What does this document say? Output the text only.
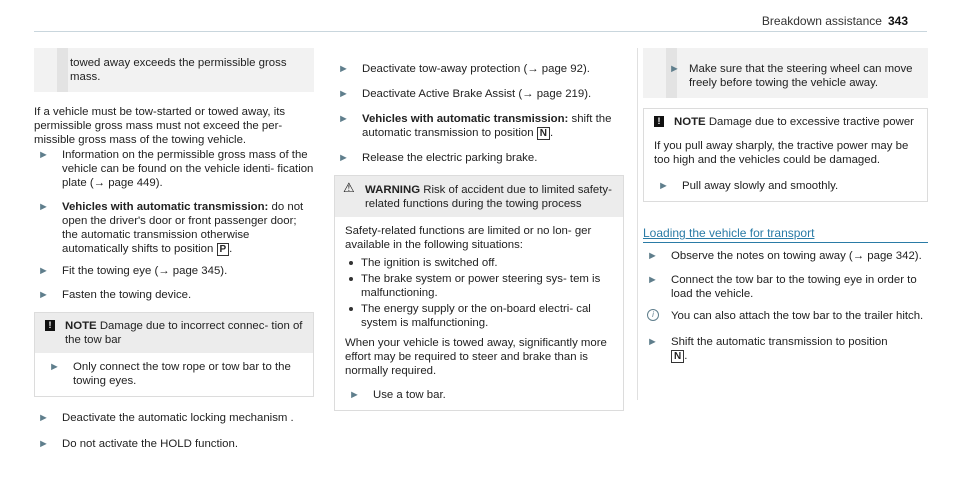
Breakdown assistance 343

towed away exceeds the permissible gross mass.

If a vehicle must be tow-started or towed away, its permissible gross mass must not exceed the per- missible gross mass of the towing vehicle.

► Information on the permissible gross mass of the vehicle can be found on the vehicle identi- fication plate (→ page 449).
► Vehicles with automatic transmission: do not open the driver's door or front passenger door; the automatic transmission otherwise automatically shifts to position P .
► Fit the towing eye (→ page 345).
► Fasten the towing device.
!	NOTE Damage due to incorrect connec- tion of the tow bar
► Only connect the tow rope or tow bar to the towing eyes.
► Deactivate the automatic locking mechanism .
► Do not activate the HOLD function.
► Deactivate tow-away protection (→ page 92).
► Deactivate Active Brake Assist (→ page 219).
► Vehicles with automatic transmission: shift the automatic transmission to position N .
► Release the electric parking brake.
⚠ WARNING Risk of accident due to limited safety-related functions during the towing process

Safety-related functions are limited or no lon- ger available in the following situations:

The ignition is switched off.
The brake system or power steering sys- tem is malfunctioning.
The energy supply or the on-board electri- cal system is malfunctioning.

When your vehicle is towed away, significantly more effort may be required to steer and brake than is normally required.

► Use a tow bar.
► Make sure that the steering wheel can move freely before towing the vehicle away.
!	NOTE Damage due to excessive tractive power

If you pull away sharply, the tractive power may be too high and the vehicles could be damaged.

► Pull away slowly and smoothly.
Loading the vehicle for transport
► Observe the notes on towing away (→ page 342).
► Connect the tow bar to the towing eye in order to load the vehicle.
i	You can also attach the tow bar to the trailer hitch.
► Shift the automatic transmission to position
N .
